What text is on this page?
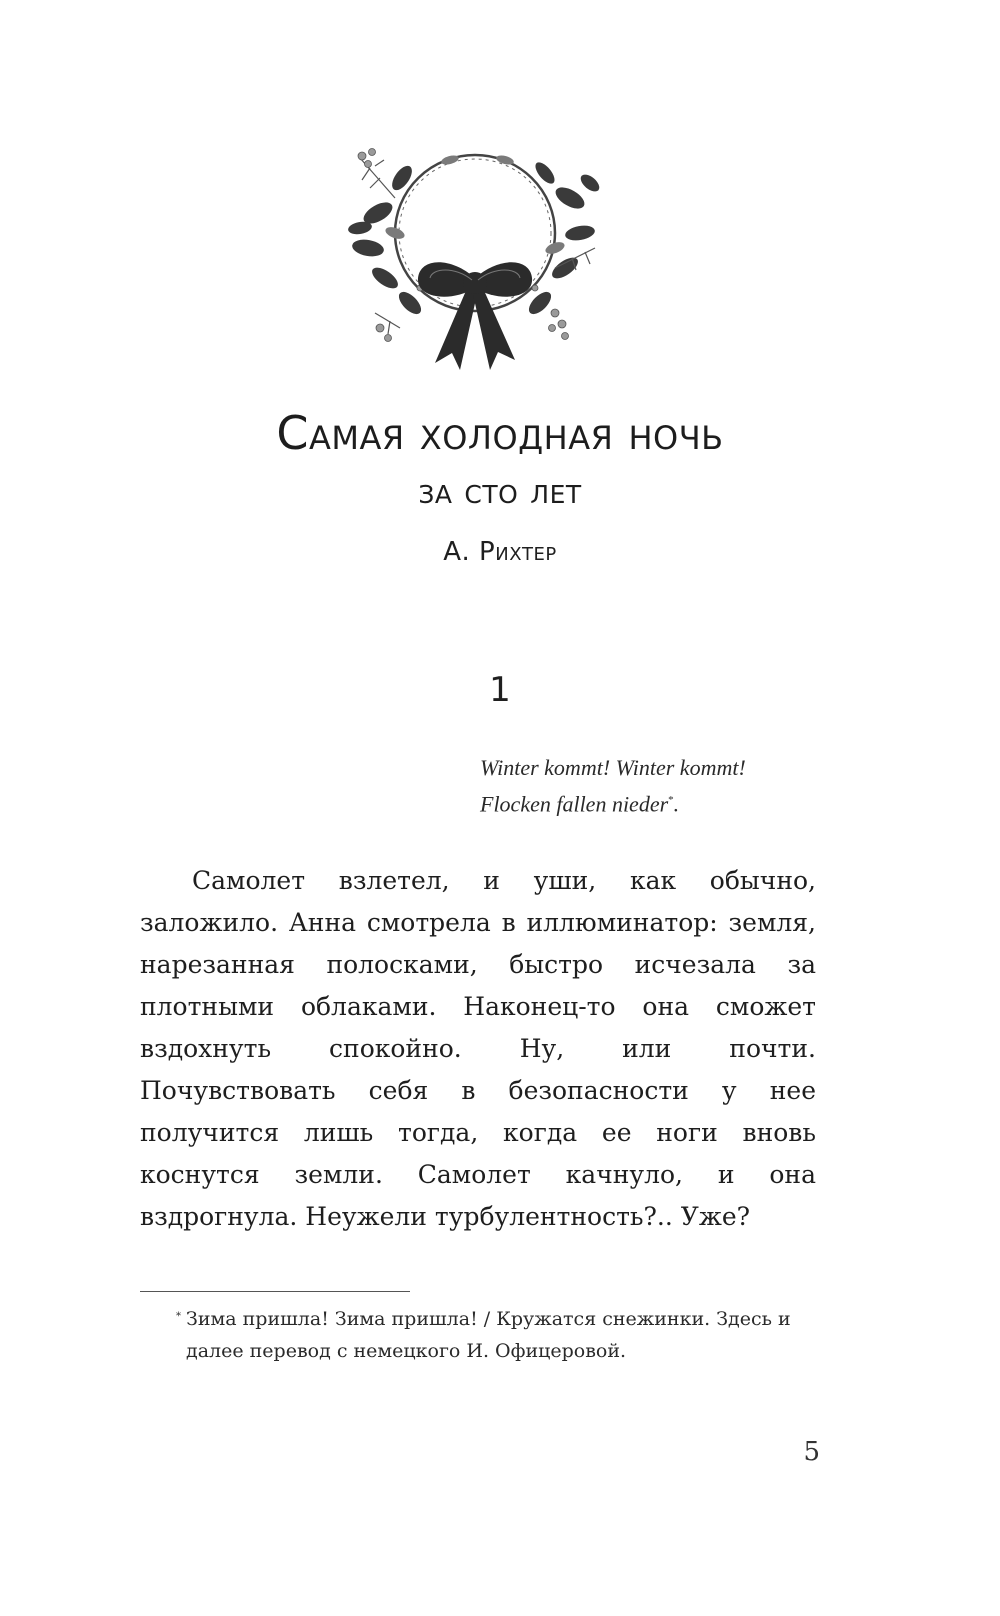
Самая холодная ночь
за сто лет
А. Рихтер
1
Winter kommt! Winter kommt!
Flocken fallen nieder*.

Самолет взлетел, и уши, как обычно, заложило. Анна смотрела в иллюминатор: земля, нарезанная полосками, быстро исчезала за плотными облаками. Наконец-то она сможет вздохнуть спокойно. Ну, или почти. Почувствовать себя в безопасности у нее получится лишь тогда, когда ее ноги вновь коснутся земли. Самолет качнуло, и она вздрогнула. Неужели турбулентность?.. Уже?

* Зима пришла! Зима пришла! / Кружатся снежинки. Здесь и далее перевод с немецкого И. Офицеровой.

5
